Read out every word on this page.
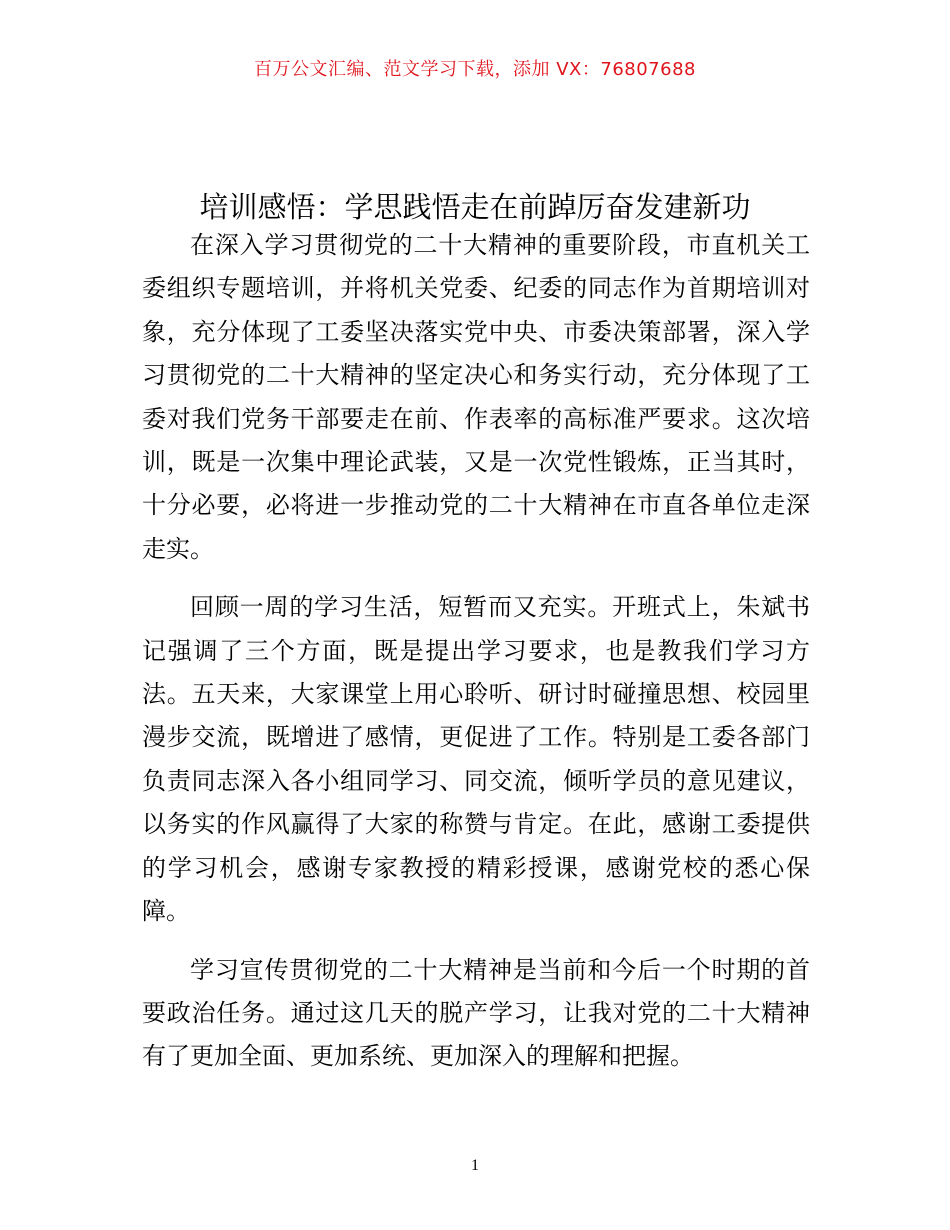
百万公文汇编、范文学习下载，添加 VX：76807688
培训感悟：学思践悟走在前踔厉奋发建新功

在深入学习贯彻党的二十大精神的重要阶段，市直机关工委组织专题培训，并将机关党委、纪委的同志作为首期培训对象，充分体现了工委坚决落实党中央、市委决策部署，深入学习贯彻党的二十大精神的坚定决心和务实行动，充分体现了工委对我们党务干部要走在前、作表率的高标准严要求。这次培训，既是一次集中理论武装，又是一次党性锻炼，正当其时，十分必要，必将进一步推动党的二十大精神在市直各单位走深走实。

回顾一周的学习生活，短暂而又充实。开班式上，朱斌书记强调了三个方面，既是提出学习要求，也是教我们学习方法。五天来，大家课堂上用心聆听、研讨时碰撞思想、校园里漫步交流，既增进了感情，更促进了工作。特别是工委各部门负责同志深入各小组同学习、同交流，倾听学员的意见建议，以务实的作风赢得了大家的称赞与肯定。在此，感谢工委提供的学习机会，感谢专家教授的精彩授课，感谢党校的悉心保障。

学习宣传贯彻党的二十大精神是当前和今后一个时期的首要政治任务。通过这几天的脱产学习，让我对党的二十大精神有了更加全面、更加系统、更加深入的理解和把握。

1
